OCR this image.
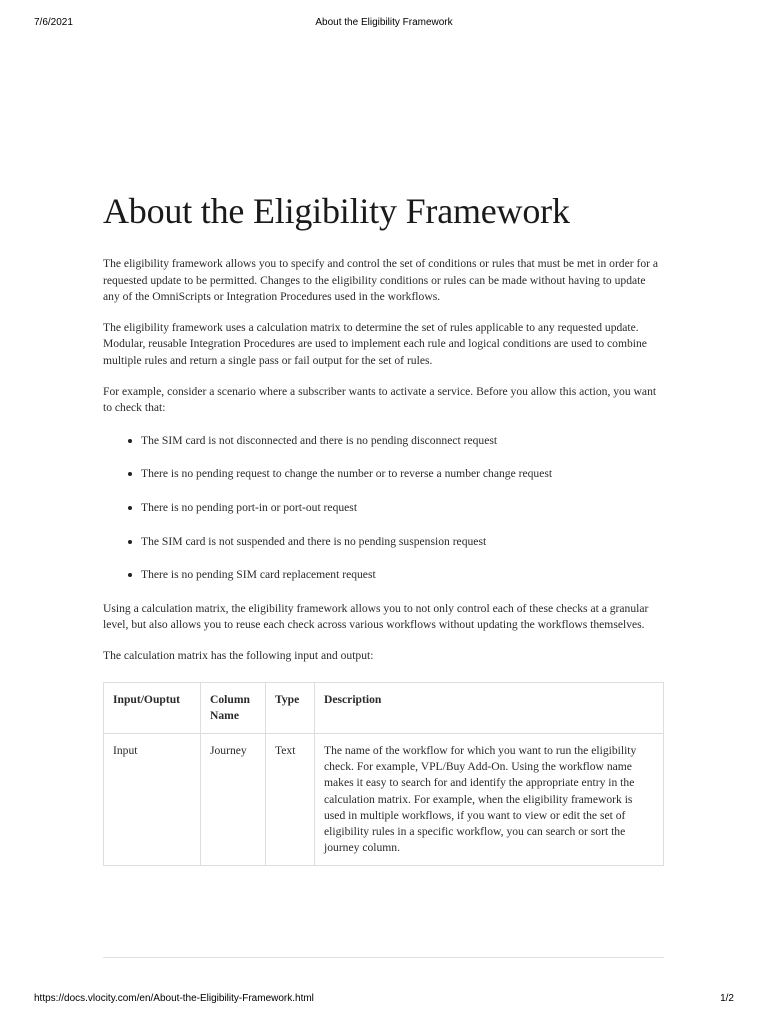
7/6/2021	About the Eligibility Framework
About the Eligibility Framework

The eligibility framework allows you to specify and control the set of conditions or rules that must be met in order for a requested update to be permitted. Changes to the eligibility conditions or rules can be made without having to update any of the OmniScripts or Integration Procedures used in the workflows.

The eligibility framework uses a calculation matrix to determine the set of rules applicable to any requested update. Modular, reusable Integration Procedures are used to implement each rule and logical conditions are used to combine multiple rules and return a single pass or fail output for the set of rules.

For example, consider a scenario where a subscriber wants to activate a service. Before you allow this action, you want to check that:

The SIM card is not disconnected and there is no pending disconnect request
There is no pending request to change the number or to reverse a number change request
There is no pending port-in or port-out request
The SIM card is not suspended and there is no pending suspension request
There is no pending SIM card replacement request

Using a calculation matrix, the eligibility framework allows you to not only control each of these checks at a granular level, but also allows you to reuse each check across various workflows without updating the workflows themselves.

The calculation matrix has the following input and output:

Input/Ouptut	Column Name	Type	Description
Input	Journey	Text	The name of the workflow for which you want to run the eligibility check. For example, VPL/Buy Add-On. Using the workflow name makes it easy to search for and identify the appropriate entry in the calculation matrix. For example, when the eligibility framework is used in multiple workflows, if you want to view or edit the set of eligibility rules in a specific workflow, you can search or sort the journey column.
https://docs.vlocity.com/en/About-the-Eligibility-Framework.html	1/2
